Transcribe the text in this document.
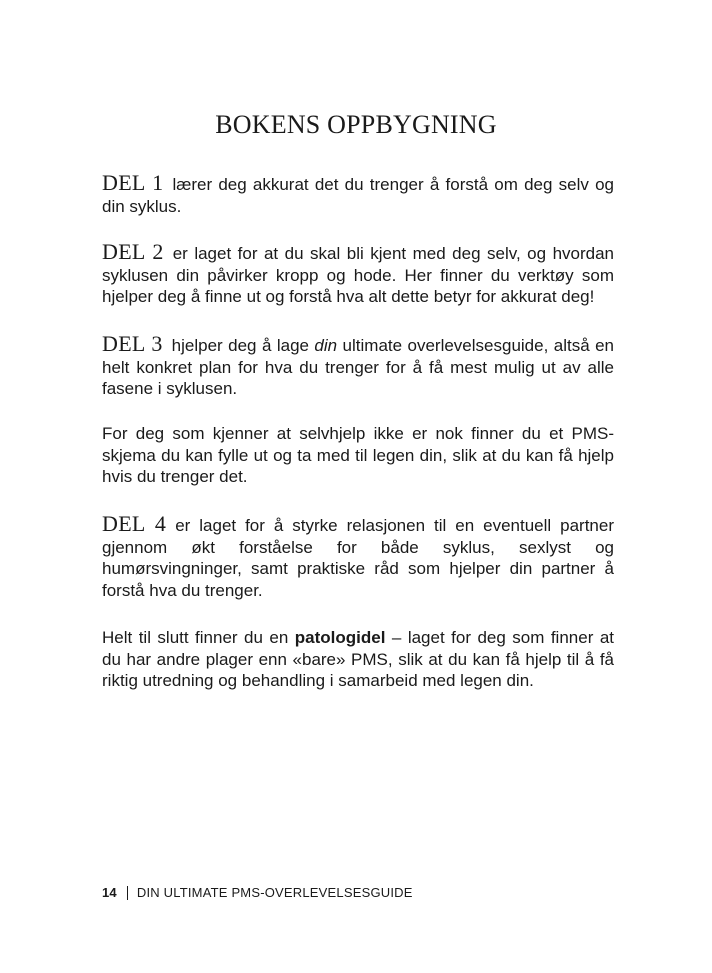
BOKENS OPPBYGNING

DEL 1 lærer deg akkurat det du trenger å forstå om deg selv og din syklus.

DEL 2 er laget for at du skal bli kjent med deg selv, og hvordan syklusen din påvirker kropp og hode. Her finner du verktøy som hjelper deg å finne ut og forstå hva alt dette betyr for akkurat deg!

DEL 3 hjelper deg å lage din ultimate overlevelsesguide, altså en helt konkret plan for hva du trenger for å få mest mulig ut av alle fasene i syklusen.

For deg som kjenner at selvhjelp ikke er nok finner du et PMS-skjema du kan fylle ut og ta med til legen din, slik at du kan få hjelp hvis du trenger det.

DEL 4 er laget for å styrke relasjonen til en eventuell partner gjennom økt forståelse for både syklus, sexlyst og humørsvingninger, samt praktiske råd som hjelper din partner å forstå hva du trenger.

Helt til slutt finner du en patologidel – laget for deg som finner at du har andre plager enn «bare» PMS, slik at du kan få hjelp til å få riktig utredning og behandling i samarbeid med legen din.

14 DIN ULTIMATE PMS-OVERLEVELSESGUIDE
